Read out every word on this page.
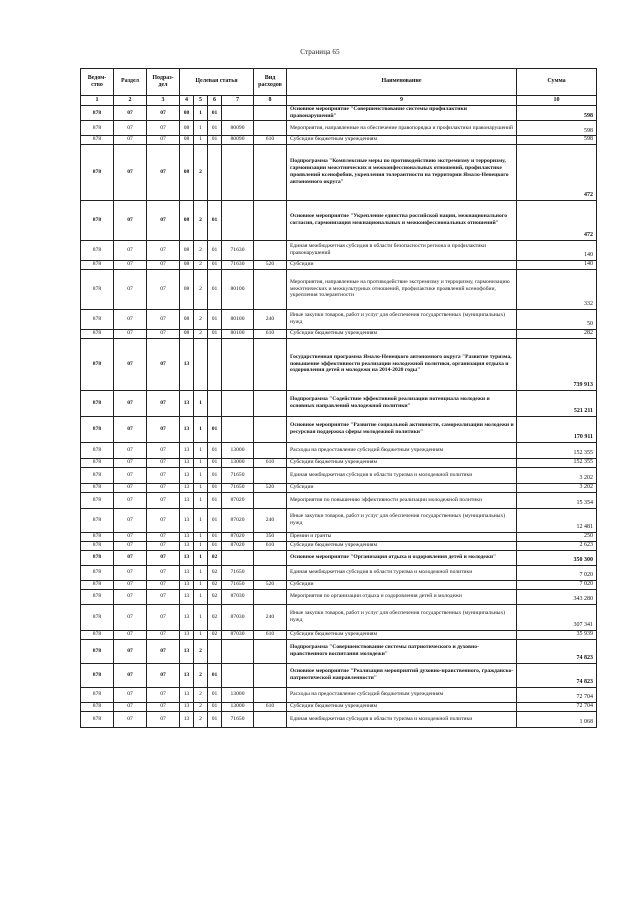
Страница 65
Ведом-ство	Раздел	Подраз-дел	Целевая статья				Вид расходов	Наименование	Сумма
1	2	3	4	5	6	7	8	9	10
878	07	07	08	1	01			Основное мероприятие "Совершенствование системы профилактики правонарушений"	598
878	07	07	08	1	01	80090		Мероприятия, направленные на обеспечение правопорядка и профилактики правонарушений	598
878	07	07	08	1	01	80090	610	Субсидии бюджетным учреждениям	598
878	07	07	08	2				Подпрограмма "Комплексные меры по противодействию экстремизму и терроризму, гармонизации межэтнических и межконфессиональных отношений, профилактике проявлений ксенофобии, укрепления толерантности на территории Ямало-Ненецкого автономного округа"	472
878	07	07	08	2	01			Основное мероприятие "Укрепление единства российской нации, межнационального согласия, гармонизация межнациональных и межконфессиональных отношений"	472
878	07	07	08	2	01	71630		Единая межбюджетная субсидия в области безопасности региона и профилактики правонарушений	140
878	07	07	08	2	01	71630	520	Субсидии	140
878	07	07	08	2	01	80100		Мероприятия, направленные на противодействие экстремизму и терроризму, гармонизацию межэтнических и межкультурных отношений, профилактике проявлений ксенофобии, укрепления толерантности	332
878	07	07	08	2	01	80100	240	Иные закупки товаров, работ и услуг для обеспечения государственных (муниципальных) нужд	50
878	07	07	08	2	01	80100	610	Субсидии бюджетным учреждениям	282
878	07	07	13					Государственная программа Ямало-Ненецкого автономного округа "Развитие туризма, повышение эффективности реализации молодежной политики, организация отдыха и оздоровления детей и молодежи на 2014-2020 годы"	739 913
878	07	07	13	1				Подпрограмма "Содействие эффективной реализации потенциала молодежи и основных направлений молодежной политики"	521 211
878	07	07	13	1	01			Основное мероприятие "Развитие социальной активности, самореализации молодежи и ресурсная поддержка сферы молодежной политики"	170 911
878	07	07	13	1	01	13000		Расходы на предоставление субсидий бюджетным учреждениям	152 355
878	07	07	13	1	01	13000	610	Субсидии бюджетным учреждениям	152 355
878	07	07	13	1	01	71650		Единая межбюджетная субсидия в области туризма и молодежной политики	3 202
878	07	07	13	1	01	71650	520	Субсидии	3 202
878	07	07	13	1	01	87020		Мероприятия по повышению эффективности реализации молодежной политики	15 354
878	07	07	13	1	01	87020	240	Иные закупки товаров, работ и услуг для обеспечения государственных (муниципальных) нужд	12 481
878	07	07	13	1	01	87020	350	Премии и гранты	250
878	07	07	13	1	01	87020	610	Субсидии бюджетным учреждениям	2 623
878	07	07	13	1	02			Основное мероприятие "Организация отдыха и оздоровления детей и молодежи"	350 300
878	07	07	13	1	02	71650		Единая межбюджетная субсидия в области туризма и молодежной политики	7 020
878	07	07	13	1	02	71650	520	Субсидии	7 020
878	07	07	13	1	02	87030		Мероприятия по организации отдыха и оздоровления детей и молодежи	343 280
878	07	07	13	1	02	87030	240	Иные закупки товаров, работ и услуг для обеспечения государственных (муниципальных) нужд	307 341
878	07	07	13	1	02	87030	610	Субсидии бюджетным учреждениям	35 939
878	07	07	13	2				Подпрограмма "Совершенствование системы патриотического и духовно-нравственного воспитания молодежи"	74 823
878	07	07	13	2	01			Основное мероприятие "Реализация мероприятий духовно-нравственного, гражданско-патриотической направленности"	74 823
878	07	07	13	2	01	13000		Расходы на предоставление субсидий бюджетным учреждениям	72 704
878	07	07	13	2	01	13000	610	Субсидии бюджетным учреждениям	72 704
878	07	07	13	2	01	71650		Единая межбюджетная субсидия в области туризма и молодежной политики	1 068
